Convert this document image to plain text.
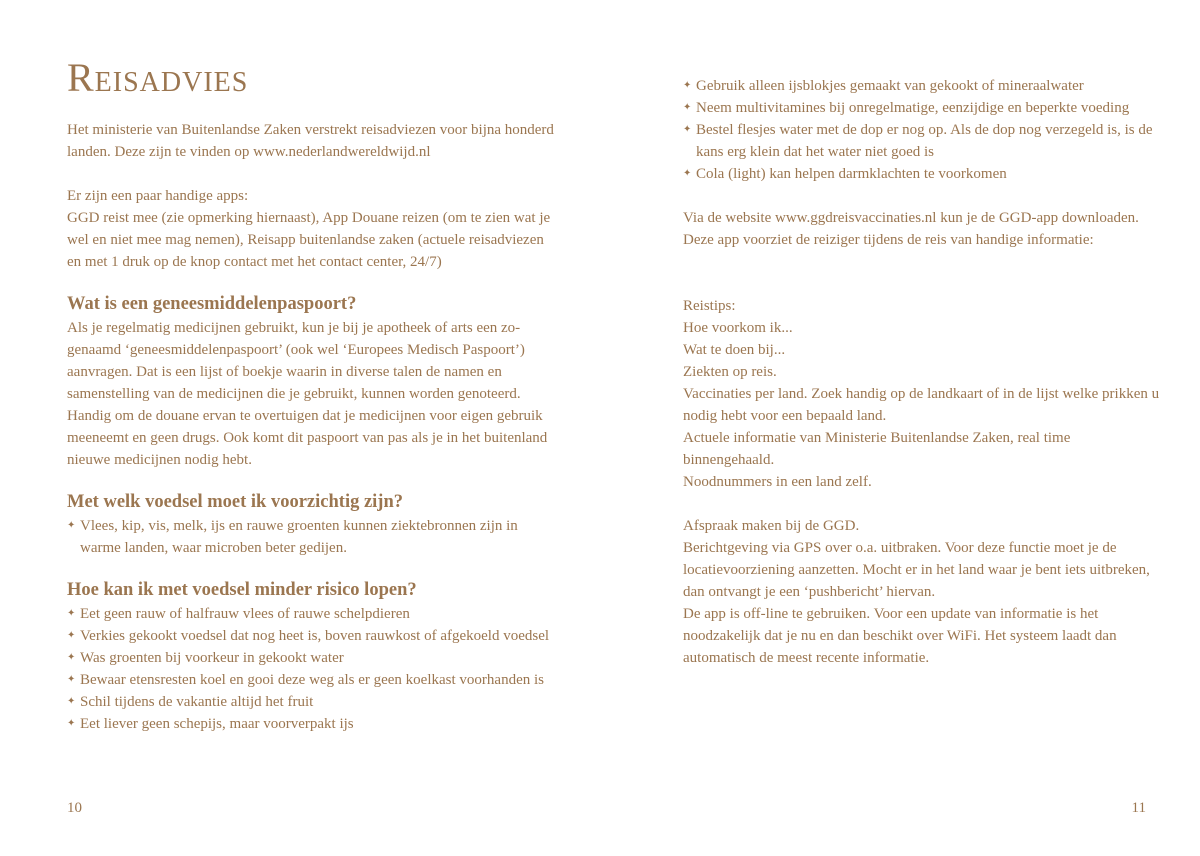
Reisadvies

Het ministerie van Buitenlandse Zaken verstrekt reisadviezen voor bijna honderd landen. Deze zijn te vinden op www.nederlandwereldwijd.nl

Er zijn een paar handige apps:

GGD reist mee (zie opmerking hiernaast), App Douane reizen (om te zien wat je wel en niet mee mag nemen), Reisapp buitenlandse zaken (actuele reisadviezen en met 1 druk op de knop contact met het contact center, 24/7)

Wat is een geneesmiddelenpaspoort?

Als je regelmatig medicijnen gebruikt, kun je bij je apotheek of arts een zo-genaamd ‘geneesmiddelenpaspoort’ (ook wel ‘Europees Medisch Paspoort’) aanvragen. Dat is een lijst of boekje waarin in diverse talen de namen en samenstelling van de medicijnen die je gebruikt, kunnen worden genoteerd. Handig om de douane ervan te overtuigen dat je medicijnen voor eigen gebruik meeneemt en geen drugs. Ook komt dit paspoort van pas als je in het buitenland nieuwe medicijnen nodig hebt.

Met welk voedsel moet ik voorzichtig zijn?
✦ Vlees, kip, vis, melk, ijs en rauwe groenten kunnen ziektebronnen zijn in warme landen, waar microben beter gedijen.
Hoe kan ik met voedsel minder risico lopen?
✦ Eet geen rauw of halfrauw vlees of rauwe schelpdieren
✦ Verkies gekookt voedsel dat nog heet is, boven rauwkost of afgekoeld voedsel
✦ Was groenten bij voorkeur in gekookt water
✦ Bewaar etensresten koel en gooi deze weg als er geen koelkast voorhanden is
✦ Schil tijdens de vakantie altijd het fruit
✦ Eet liever geen schepijs, maar voorverpakt ijs
10
✦ Gebruik alleen ijsblokjes gemaakt van gekookt of mineraalwater
✦ Neem multivitamines bij onregelmatige, eenzijdige en beperkte voeding
✦ Bestel flesjes water met de dop er nog op. Als de dop nog verzegeld is, is de kans erg klein dat het water niet goed is
✦ Cola (light) kan helpen darmklachten te voorkomen

Via de website www.ggdreisvaccinaties.nl kun je de GGD-app downloaden. Deze app voorziet de reiziger tijdens de reis van handige informatie:

Reistips:
Hoe voorkom ik...
Wat te doen bij...
Ziekten op reis.
Vaccinaties per land. Zoek handig op de landkaart of in de lijst welke prikken u nodig hebt voor een bepaald land.
Actuele informatie van Ministerie Buitenlandse Zaken, real time binnengehaald.
Noodnummers in een land zelf.
Afspraak maken bij de GGD.
Berichtgeving via GPS over o.a. uitbraken. Voor deze functie moet je de locatievoorziening aanzetten. Mocht er in het land waar je bent iets uitbreken, dan ontvangt je een ‘pushbericht’ hiervan.
De app is off-line te gebruiken. Voor een update van informatie is het noodzakelijk dat je nu en dan beschikt over WiFi. Het systeem laadt dan automatisch de meest recente informatie.
11
